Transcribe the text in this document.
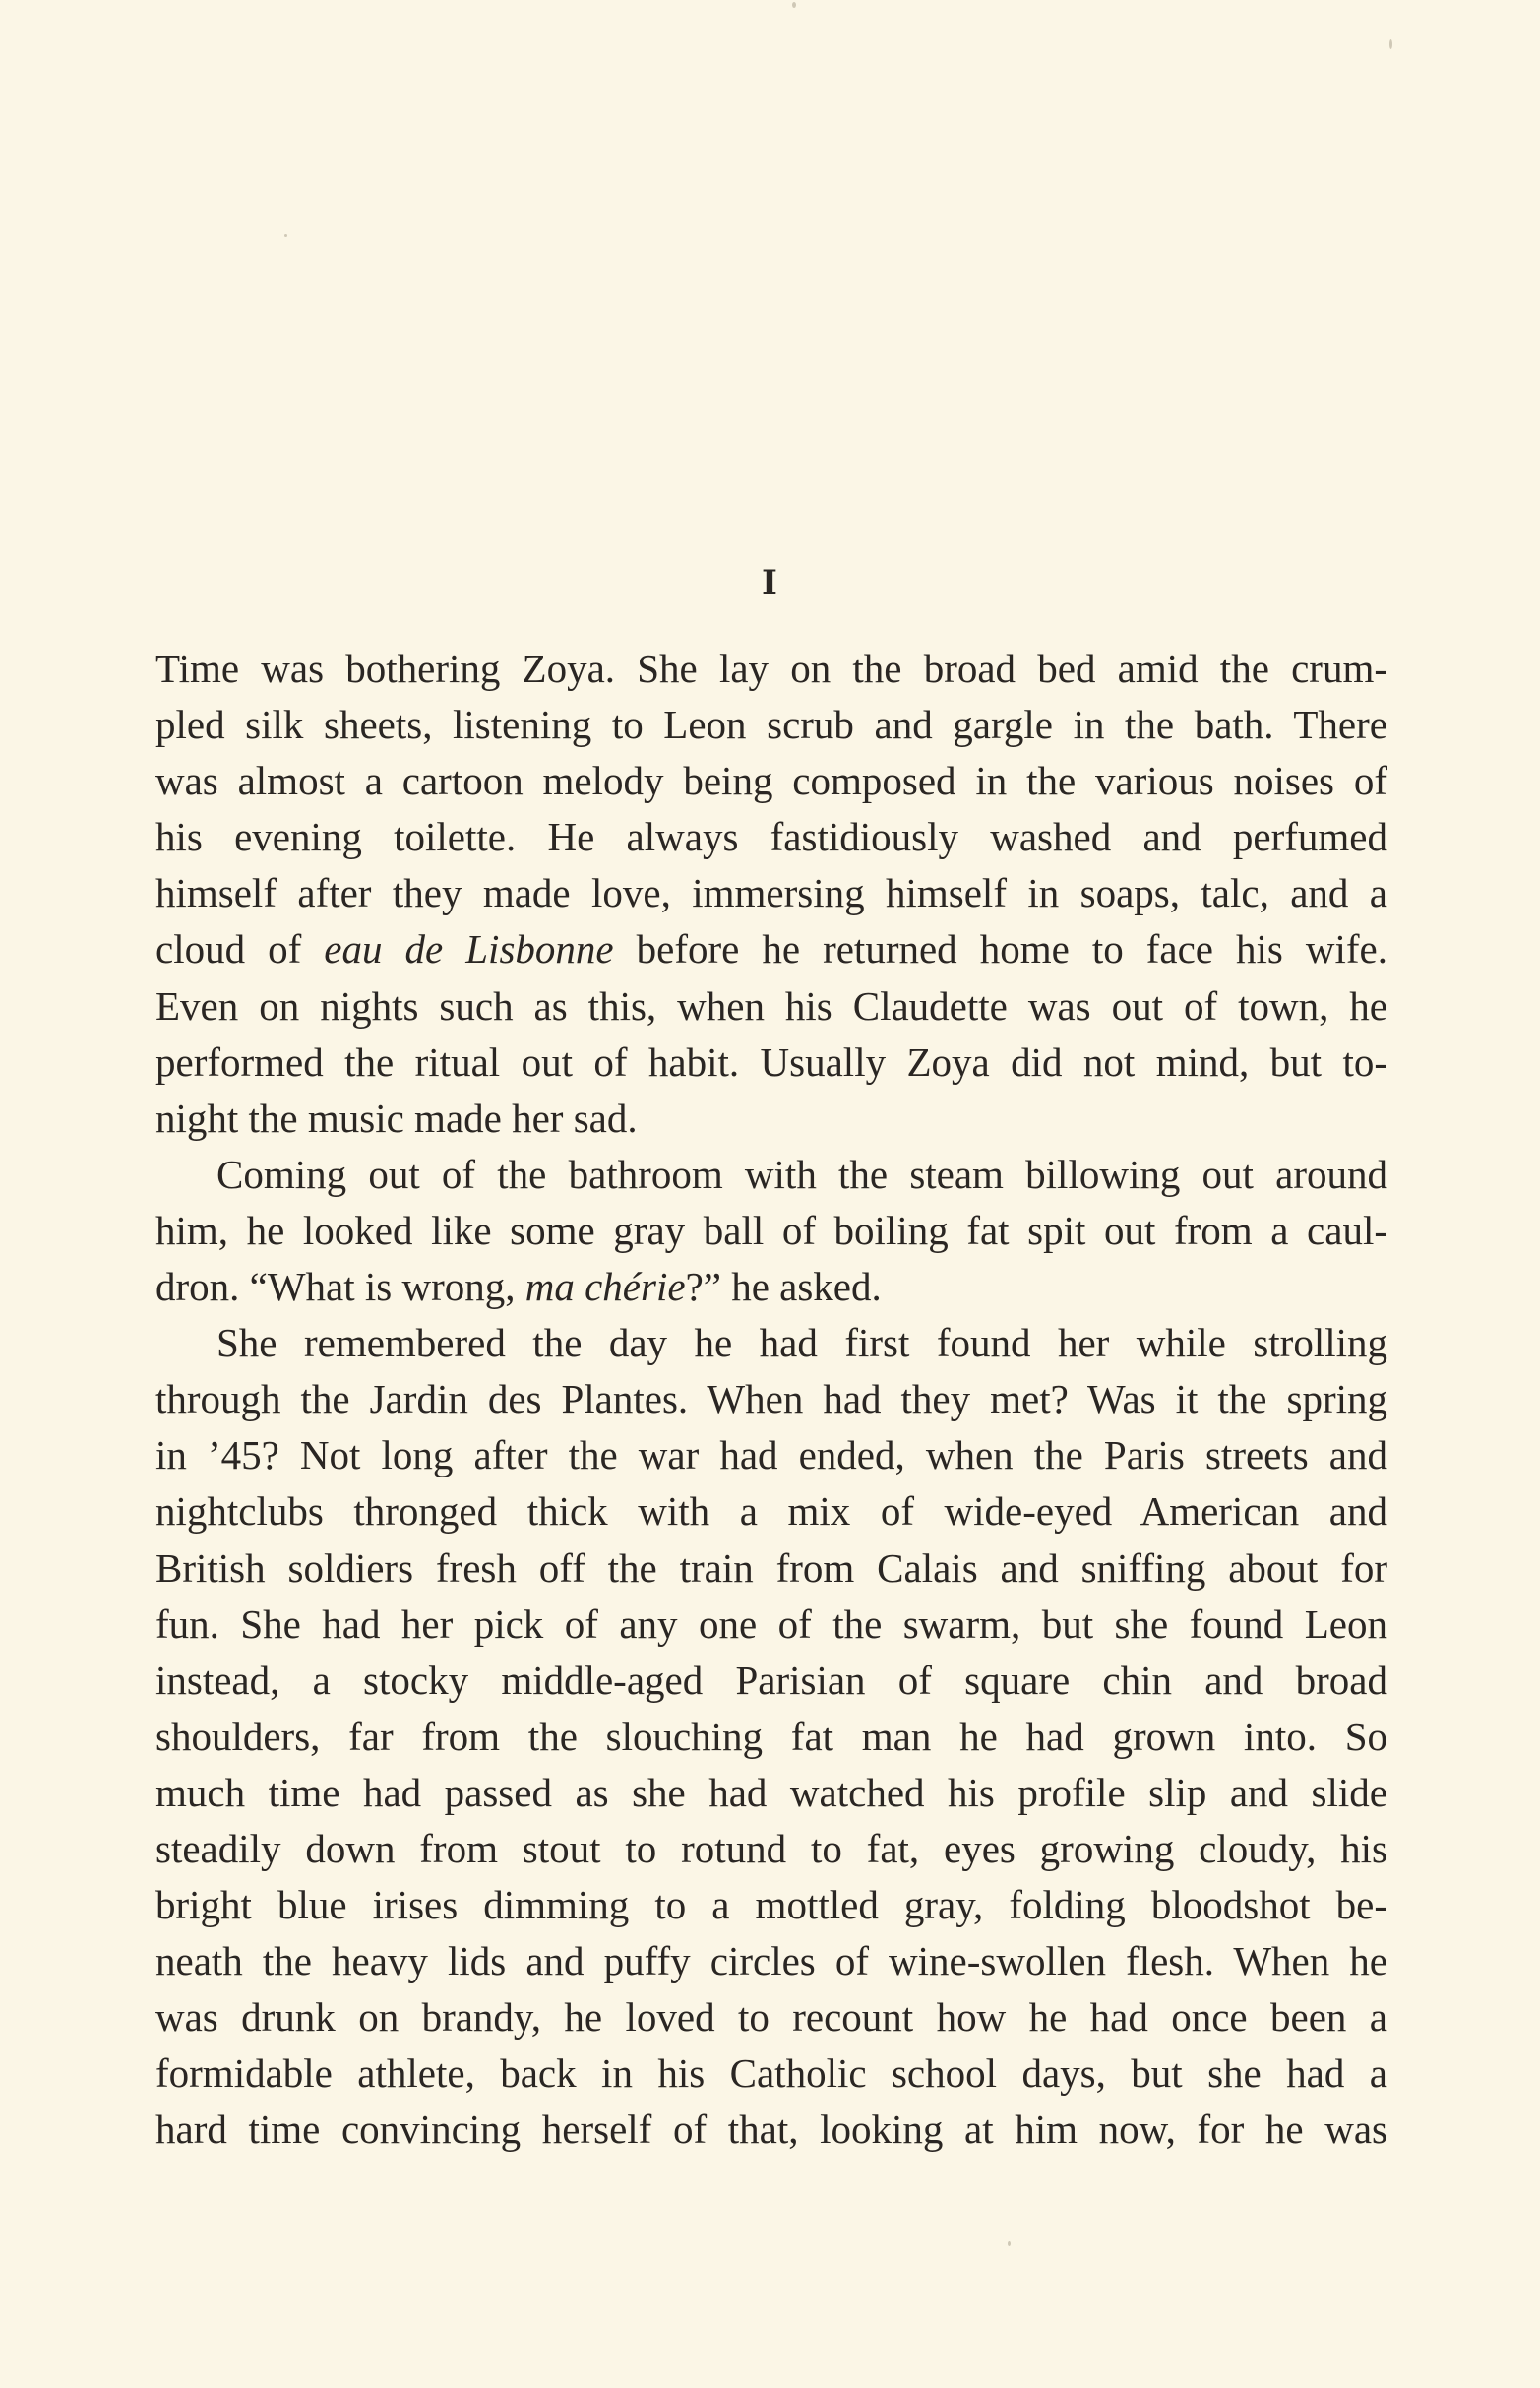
I
Time was bothering Zoya. She lay on the broad bed amid the crum-
pled silk sheets, listening to Leon scrub and gargle in the bath. There
was almost a cartoon melody being composed in the various noises of
his evening toilette. He always fastidiously washed and perfumed
himself after they made love, immersing himself in soaps, talc, and a
cloud of eau de Lisbonne before he returned home to face his wife.
Even on nights such as this, when his Claudette was out of town, he
performed the ritual out of habit. Usually Zoya did not mind, but to-
night the music made her sad.
Coming out of the bathroom with the steam billowing out around
him, he looked like some gray ball of boiling fat spit out from a caul-
dron. “What is wrong, ma chérie?” he asked.
She remembered the day he had first found her while strolling
through the Jardin des Plantes. When had they met? Was it the spring
in ’45? Not long after the war had ended, when the Paris streets and
nightclubs thronged thick with a mix of wide-eyed American and
British soldiers fresh off the train from Calais and sniffing about for
fun. She had her pick of any one of the swarm, but she found Leon
instead, a stocky middle-aged Parisian of square chin and broad
shoulders, far from the slouching fat man he had grown into. So
much time had passed as she had watched his profile slip and slide
steadily down from stout to rotund to fat, eyes growing cloudy, his
bright blue irises dimming to a mottled gray, folding bloodshot be-
neath the heavy lids and puffy circles of wine-swollen flesh. When he
was drunk on brandy, he loved to recount how he had once been a
formidable athlete, back in his Catholic school days, but she had a
hard time convincing herself of that, looking at him now, for he was
